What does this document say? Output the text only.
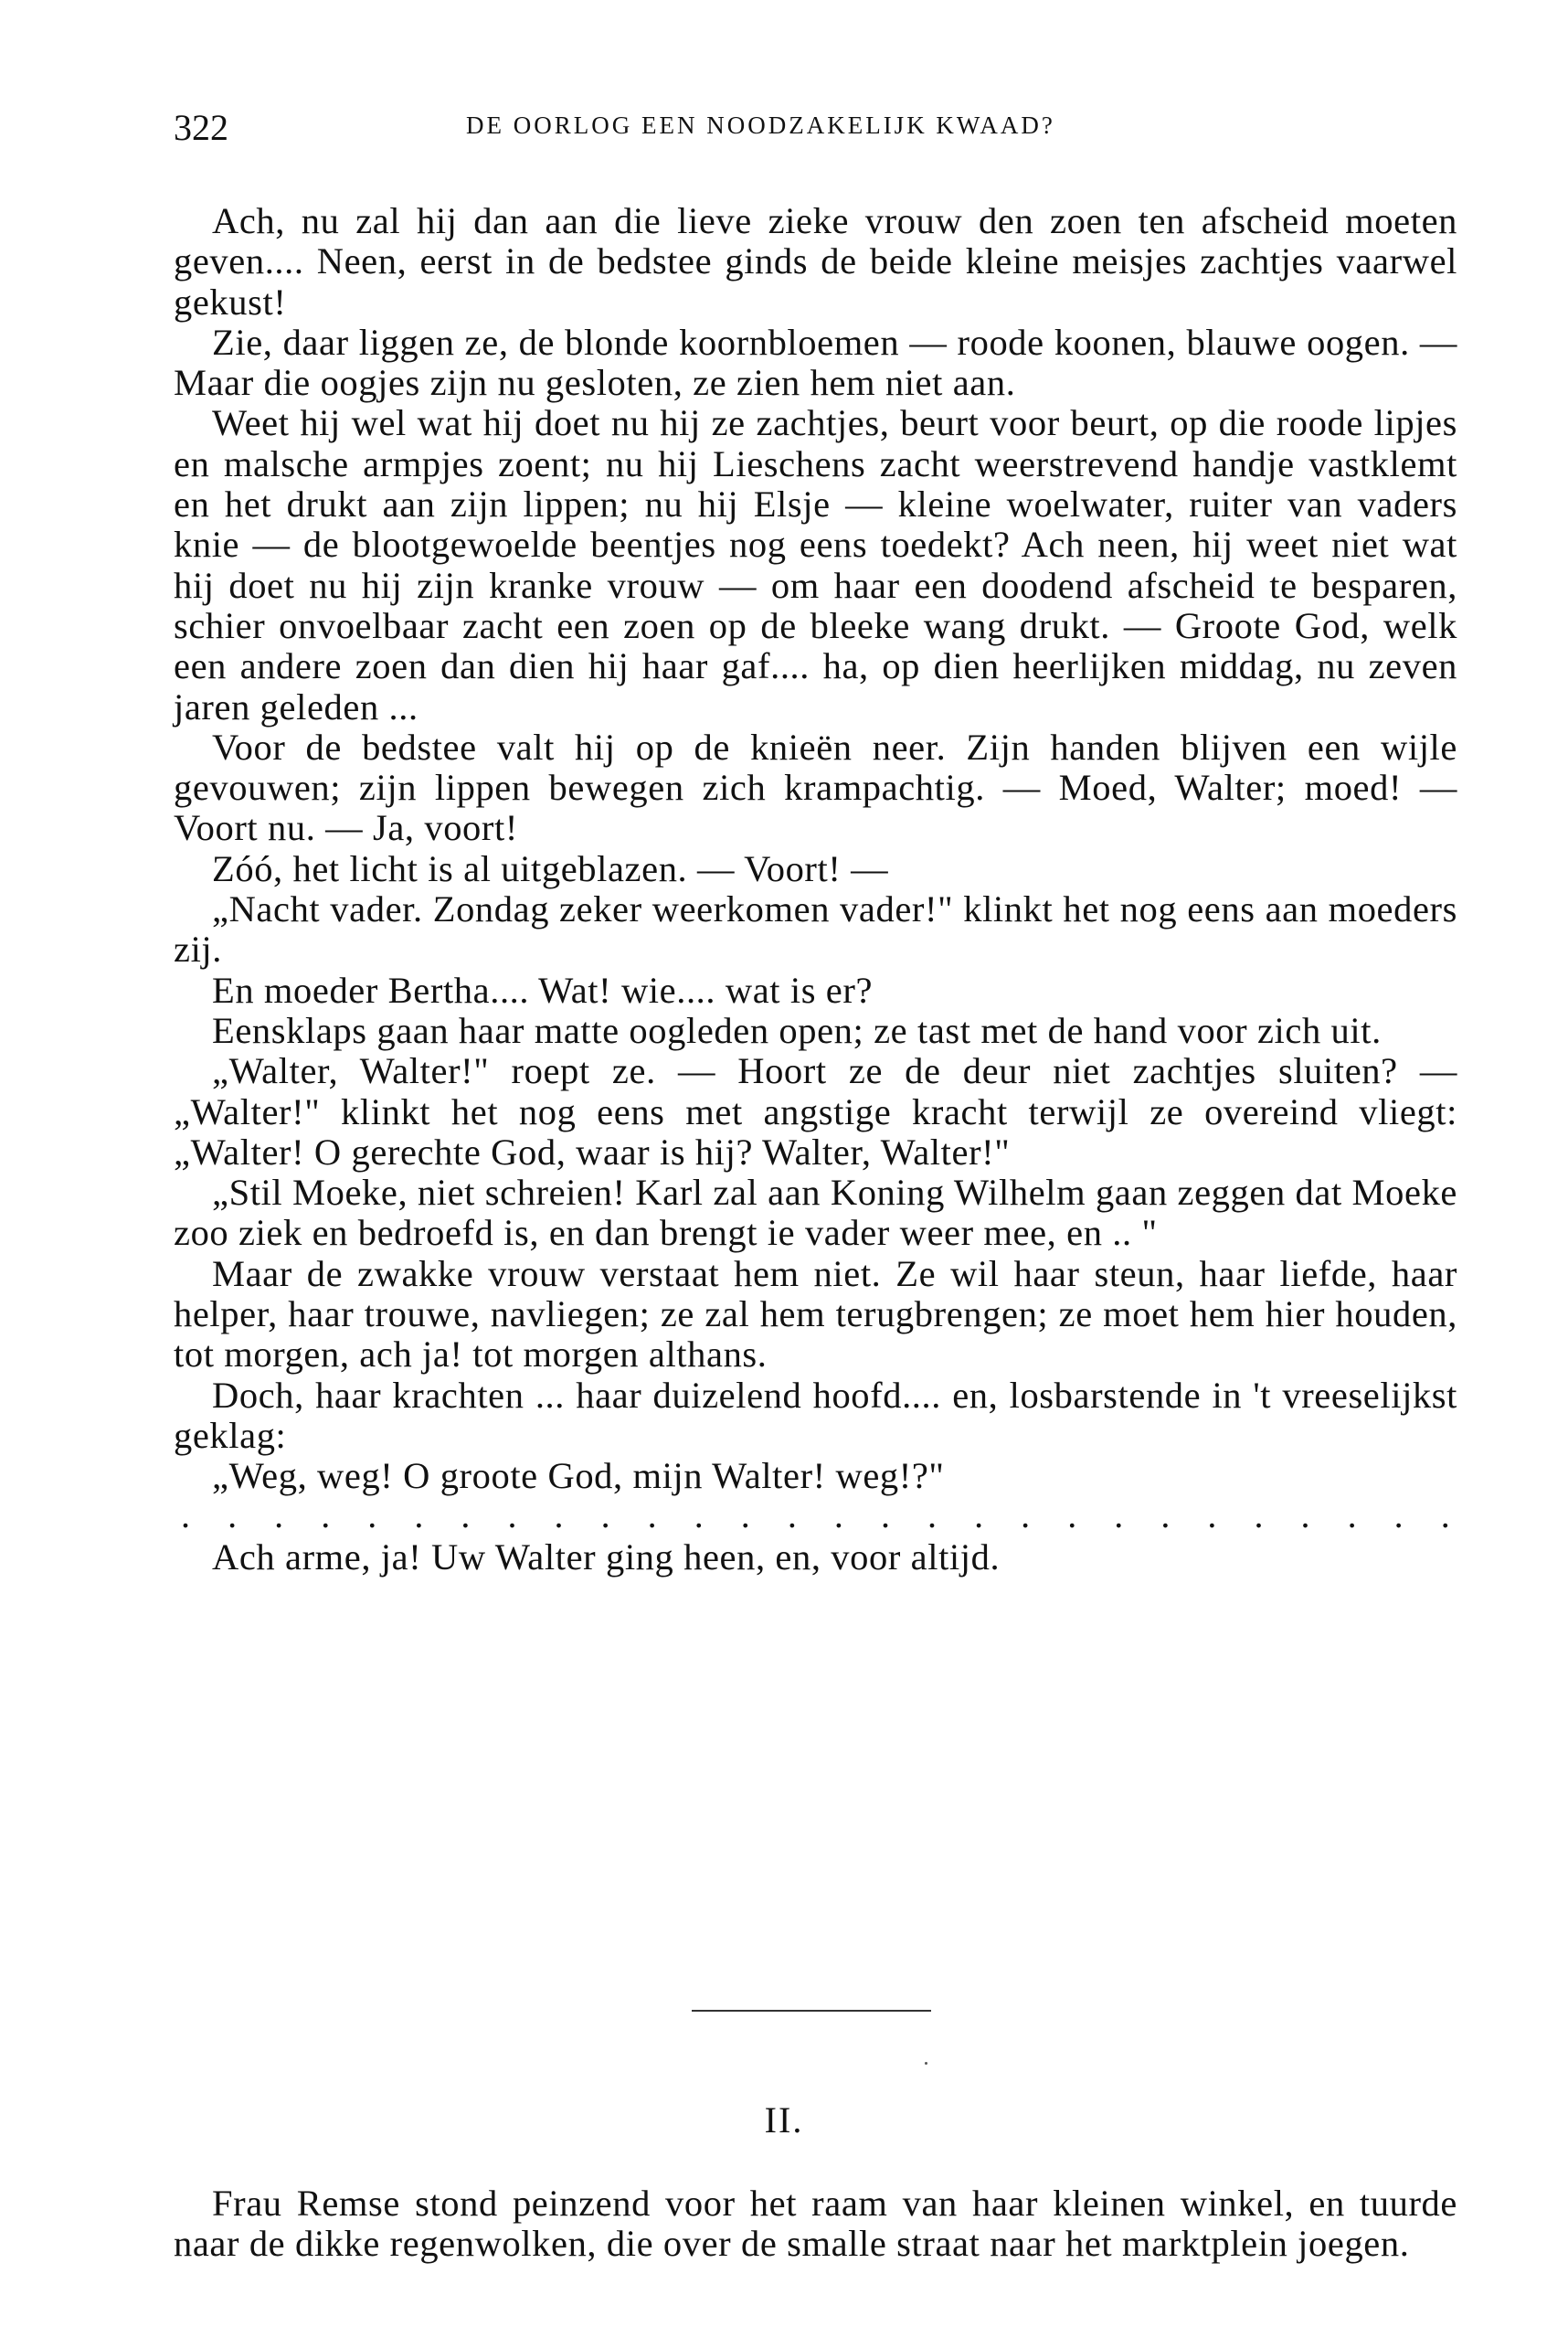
322	DE OORLOG EEN NOODZAKELIJK KWAAD?

Ach, nu zal hij dan aan die lieve zieke vrouw den zoen ten afscheid moeten geven.... Neen, eerst in de bedstee ginds de beide kleine meisjes zachtjes vaarwel gekust!

Zie, daar liggen ze, de blonde koornbloemen — roode koonen, blauwe oogen. — Maar die oogjes zijn nu gesloten, ze zien hem niet aan.

Weet hij wel wat hij doet nu hij ze zachtjes, beurt voor beurt, op die roode lipjes en malsche armpjes zoent; nu hij Lieschens zacht weerstrevend handje vastklemt en het drukt aan zijn lippen; nu hij Elsje — kleine woelwater, ruiter van vaders knie — de blootgewoelde beentjes nog eens toedekt? Ach neen, hij weet niet wat hij doet nu hij zijn kranke vrouw — om haar een doodend afscheid te besparen, schier onvoelbaar zacht een zoen op de bleeke wang drukt. — Groote God, welk een andere zoen dan dien hij haar gaf.... ha, op dien heerlijken middag, nu zeven jaren geleden ...

Voor de bedstee valt hij op de knieën neer. Zijn handen blijven een wijle gevouwen; zijn lippen bewegen zich krampachtig. — Moed, Walter; moed! — Voort nu. — Ja, voort!

Zóó, het licht is al uitgeblazen. — Voort! —

„Nacht vader. Zondag zeker weerkomen vader!" klinkt het nog eens aan moeders zij.

En moeder Bertha.... Wat! wie.... wat is er?

Eensklaps gaan haar matte oogleden open; ze tast met de hand voor zich uit.

„Walter, Walter!" roept ze. — Hoort ze de deur niet zachtjes sluiten? — „Walter!" klinkt het nog eens met angstige kracht terwijl ze overeind vliegt: „Walter! O gerechte God, waar is hij? Walter, Walter!"

„Stil Moeke, niet schreien! Karl zal aan Koning Wilhelm gaan zeggen dat Moeke zoo ziek en bedroefd is, en dan brengt ie vader weer mee, en .. "

Maar de zwakke vrouw verstaat hem niet. Ze wil haar steun, haar liefde, haar helper, haar trouwe, navliegen; ze zal hem terugbrengen; ze moet hem hier houden, tot morgen, ach ja! tot morgen althans.

Doch, haar krachten ... haar duizelend hoofd.... en, losbarstende in 't vreeselijkst geklag:

„Weg, weg! O groote God, mijn Walter! weg!?"

. . . . . . . . . . . . . . . . . . . . . . . . . . . .

Ach arme, ja! Uw Walter ging heen, en, voor altijd.

II.

Frau Remse stond peinzend voor het raam van haar kleinen winkel, en tuurde naar de dikke regenwolken, die over de smalle straat naar het marktplein joegen.
